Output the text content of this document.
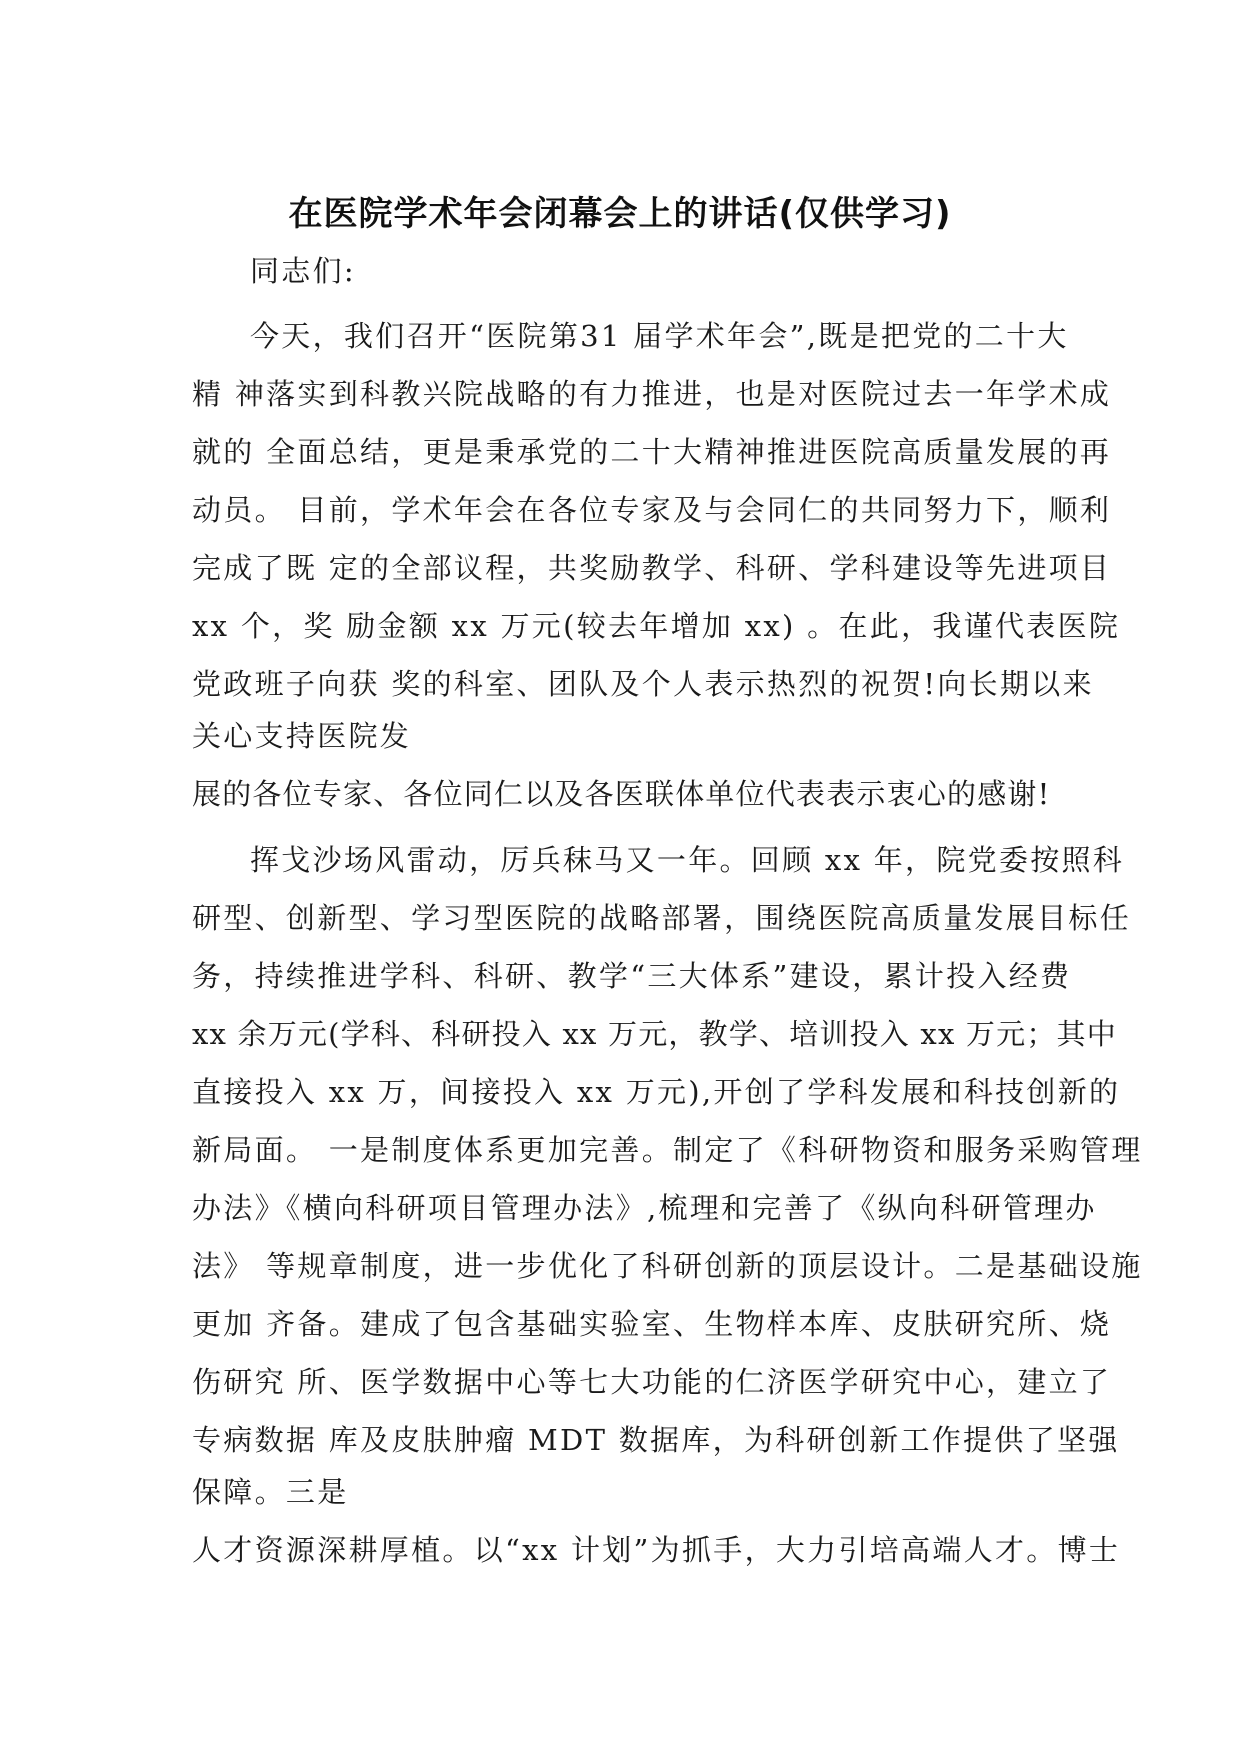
在医院学术年会闭幕会上的讲话(仅供学习)
同志们:
今天，我们召开“医院第31 届学术年会”,既是把党的二十大
精 神落实到科教兴院战略的有力推进，也是对医院过去一年学术成
就的 全面总结，更是秉承党的二十大精神推进医院高质量发展的再
动员。 目前，学术年会在各位专家及与会同仁的共同努力下，顺利
完成了既 定的全部议程，共奖励教学、科研、学科建设等先进项目
xx 个，奖 励金额 xx 万元(较去年增加 xx) 。在此，我谨代表医院
党政班子向获 奖的科室、团队及个人表示热烈的祝贺!向长期以来
关心支持医院发
展的各位专家、各位同仁以及各医联体单位代表表示衷心的感谢!
挥戈沙场风雷动，厉兵秣马又一年。回顾 xx 年，院党委按照科
研型、创新型、学习型医院的战略部署，围绕医院高质量发展目标任
务，持续推进学科、科研、教学“三大体系”建设，累计投入经费
xx 余万元(学科、科研投入 xx 万元，教学、培训投入 xx 万元；其中
直接投入 xx 万，间接投入 xx 万元),开创了学科发展和科技创新的
新局面。 一是制度体系更加完善。制定了《科研物资和服务采购管理
办法》《横向科研项目管理办法》,梳理和完善了《纵向科研管理办
法》 等规章制度，进一步优化了科研创新的顶层设计。二是基础设施
更加 齐备。建成了包含基础实验室、生物样本库、皮肤研究所、烧
伤研究 所、医学数据中心等七大功能的仁济医学研究中心，建立了
专病数据 库及皮肤肿瘤 MDT 数据库，为科研创新工作提供了坚强
保障。三是
人才资源深耕厚植。以“xx 计划”为抓手，大力引培高端人才。博士
